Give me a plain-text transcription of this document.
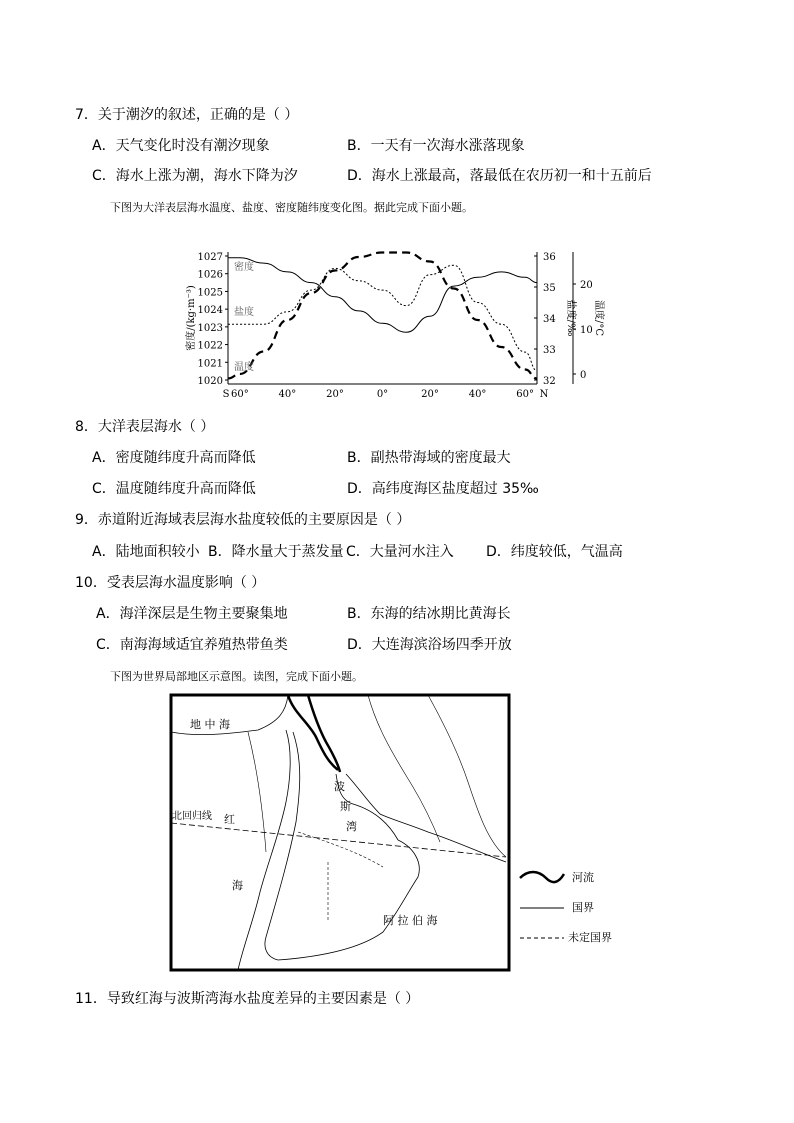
7．关于潮汐的叙述，正确的是（ ）
A．天气变化时没有潮汐现象	B．一天有一次海水涨落现象
C．海水上涨为潮，海水下降为汐	D．海水上涨最高，落最低在农历初一和十五前后
下图为大洋表层海水温度、盐度、密度随纬度变化图。据此完成下面小题。
1027
1026
1025
1024
1023
1022
1021
1020
36
35
34
33
32
20
10
0
S 60°	40°	20°	0°	20°	40°	60° N
密度/(kg·m⁻³)	盐度/‰ 温度/°C
密度
盐度
温度
8．大洋表层海水（ ）
A．密度随纬度升高而降低	B．副热带海域的密度最大
C．温度随纬度升高而降低	D．高纬度海区盐度超过 35‰
9．赤道附近海域表层海水盐度较低的主要原因是（ ）
A．陆地面积较小 B．降水量大于蒸发量 C．大量河水注入 D．纬度较低，气温高
10．受表层海水温度影响（ ）
A．海洋深层是生物主要聚集地	B．东海的结冰期比黄海长
C．南海海域适宜养殖热带鱼类	D．大连海滨浴场四季开放
下图为世界局部地区示意图。读图，完成下面小题。
地 中 海
北回归线 红
海
波
斯
湾
阿 拉 伯 海
河流
国界
未定国界
11．导致红海与波斯湾海水盐度差异的主要因素是（ ）
